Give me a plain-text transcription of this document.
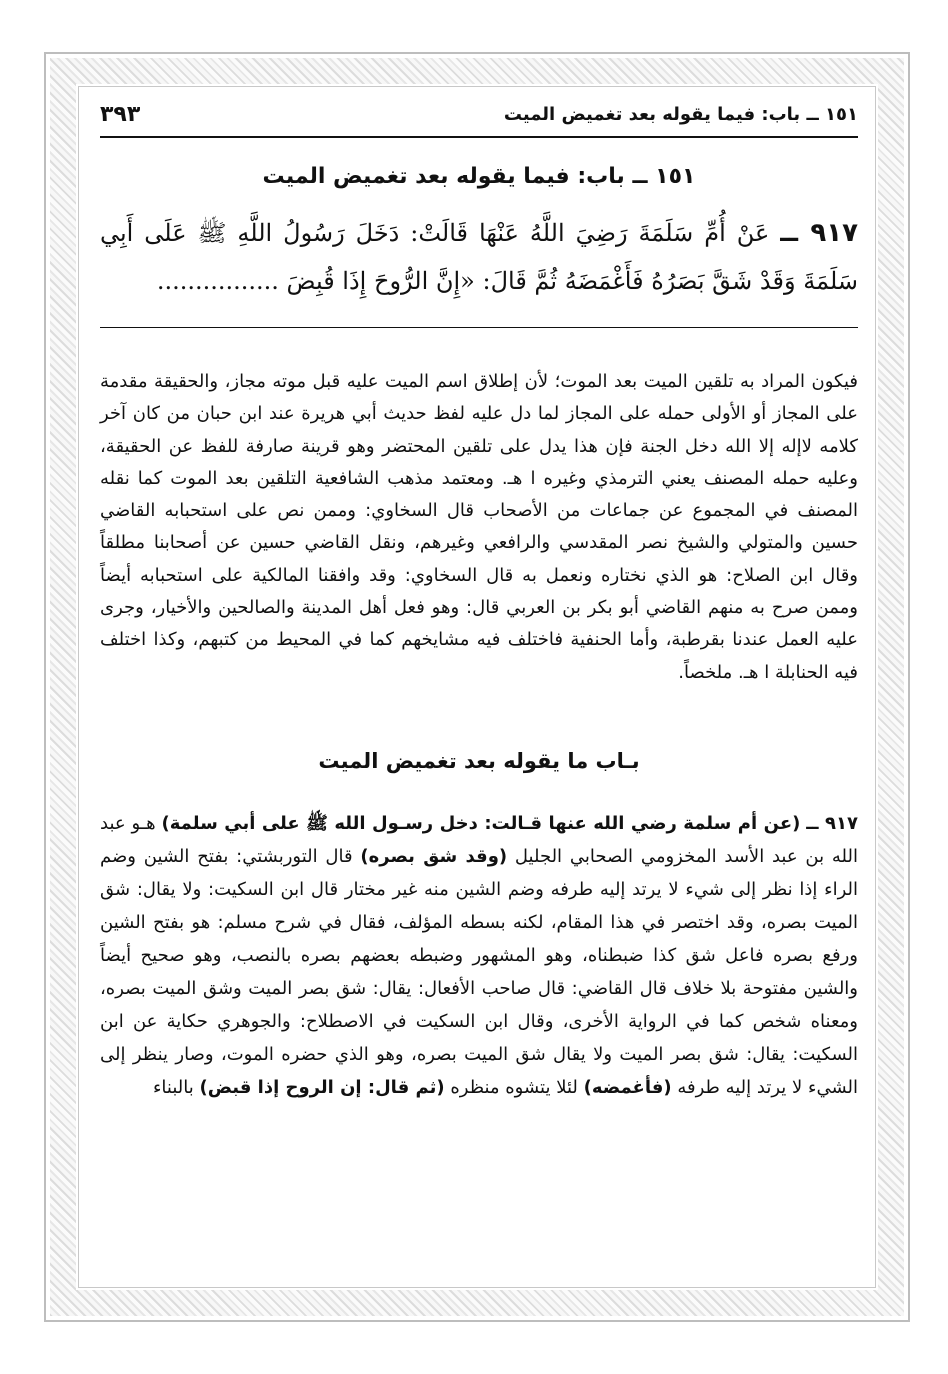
١٥١ ــ باب: فيما يقوله بعد تغميض الميت
٣٩٣
١٥١ ــ باب: فيما يقوله بعد تغميض الميت
٩١٧ ــ عَنْ أُمِّ سَلَمَةَ رَضِيَ اللَّهُ عَنْهَا قَالَتْ: دَخَلَ رَسُولُ اللَّهِ ﷺ عَلَى أَبِي سَلَمَةَ وَقَدْ شَقَّ بَصَرُهُ فَأَغْمَضَهُ ثُمَّ قَالَ: «إِنَّ الرُّوحَ إِذَا قُبِضَ ................
فيكون المراد به تلقين الميت بعد الموت؛ لأن إطلاق اسم الميت عليه قبل موته مجاز، والحقيقة مقدمة على المجاز أو الأولى حمله على المجاز لما دل عليه لفظ حديث أبي هريرة عند ابن حبان من كان آخر كلامه لاإله إلا الله دخل الجنة فإن هذا يدل على تلقين المحتضر وهو قرينة صارفة للفظ عن الحقيقة، وعليه حمله المصنف يعني الترمذي وغيره ا هـ. ومعتمد مذهب الشافعية التلقين بعد الموت كما نقله المصنف في المجموع عن جماعات من الأصحاب قال السخاوي: وممن نص على استحبابه القاضي حسين والمتولي والشيخ نصر المقدسي والرافعي وغيرهم، ونقل القاضي حسين عن أصحابنا مطلقاً وقال ابن الصلاح: هو الذي نختاره ونعمل به قال السخاوي: وقد وافقنا المالكية على استحبابه أيضاً وممن صرح به منهم القاضي أبو بكر بن العربي قال: وهو فعل أهل المدينة والصالحين والأخيار، وجرى عليه العمل عندنا بقرطبة، وأما الحنفية فاختلف فيه مشايخهم كما في المحيط من كتبهم، وكذا اختلف فيه الحنابلة ا هـ. ملخصاً.
بـاب ما يقوله بعد تغميض الميت
٩١٧ ــ (عن أم سلمة رضي الله عنها قـالت: دخل رسـول الله ﷺ على أبي سلمة) هـو عبد الله بن عبد الأسد المخزومي الصحابي الجليل (وقد شق بصره) قال التوربشتي: بفتح الشين وضم الراء إذا نظر إلى شيء لا يرتد إليه طرفه وضم الشين منه غير مختار قال ابن السكيت: ولا يقال: شق الميت بصره، وقد اختصر في هذا المقام، لكنه بسطه المؤلف، فقال في شرح مسلم: هو بفتح الشين ورفع بصره فاعل شق كذا ضبطناه، وهو المشهور وضبطه بعضهم بصره بالنصب، وهو صحيح أيضاً والشين مفتوحة بلا خلاف قال القاضي: قال صاحب الأفعال: يقال: شق بصر الميت وشق الميت بصره، ومعناه شخص كما في الرواية الأخرى، وقال ابن السكيت في الاصطلاح: والجوهري حكاية عن ابن السكيت: يقال: شق بصر الميت ولا يقال شق الميت بصره، وهو الذي حضره الموت، وصار ينظر إلى الشيء لا يرتد إليه طرفه (فأغمضه) لئلا يتشوه منظره (ثم قال: إن الروح إذا قبض) بالبناء
